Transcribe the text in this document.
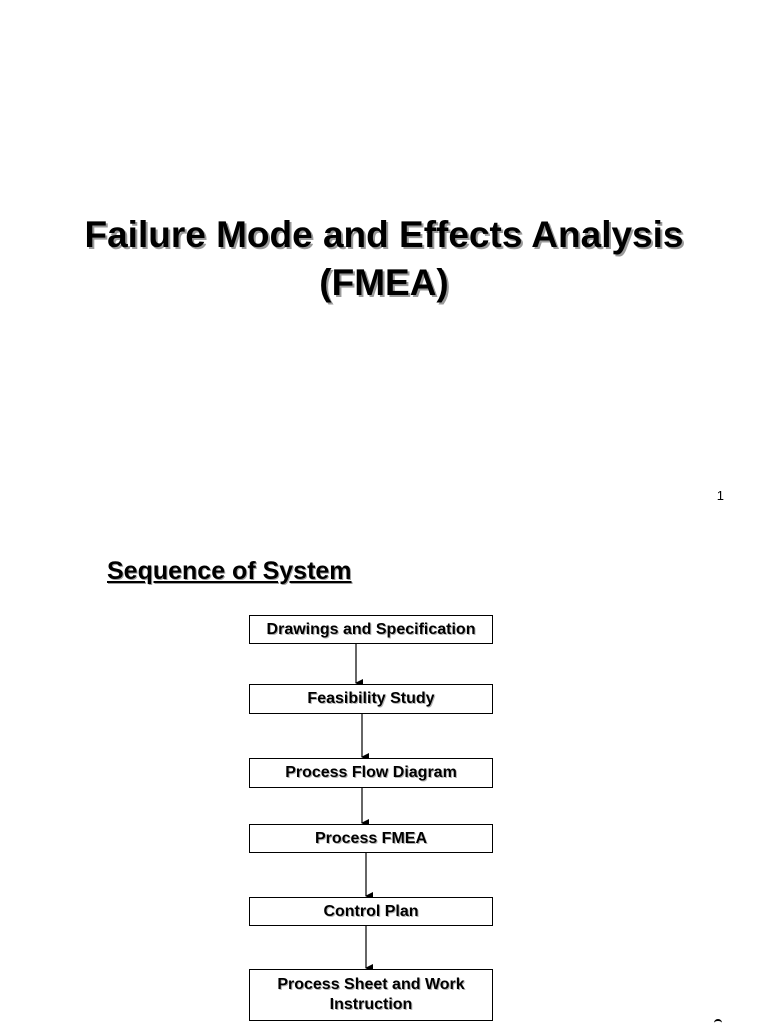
Failure Mode and Effects Analysis
(FMEA)
1
Sequence of System
Drawings and Specification
Feasibility Study
Process Flow Diagram
Process FMEA
Control Plan
Process Sheet and Work Instruction
